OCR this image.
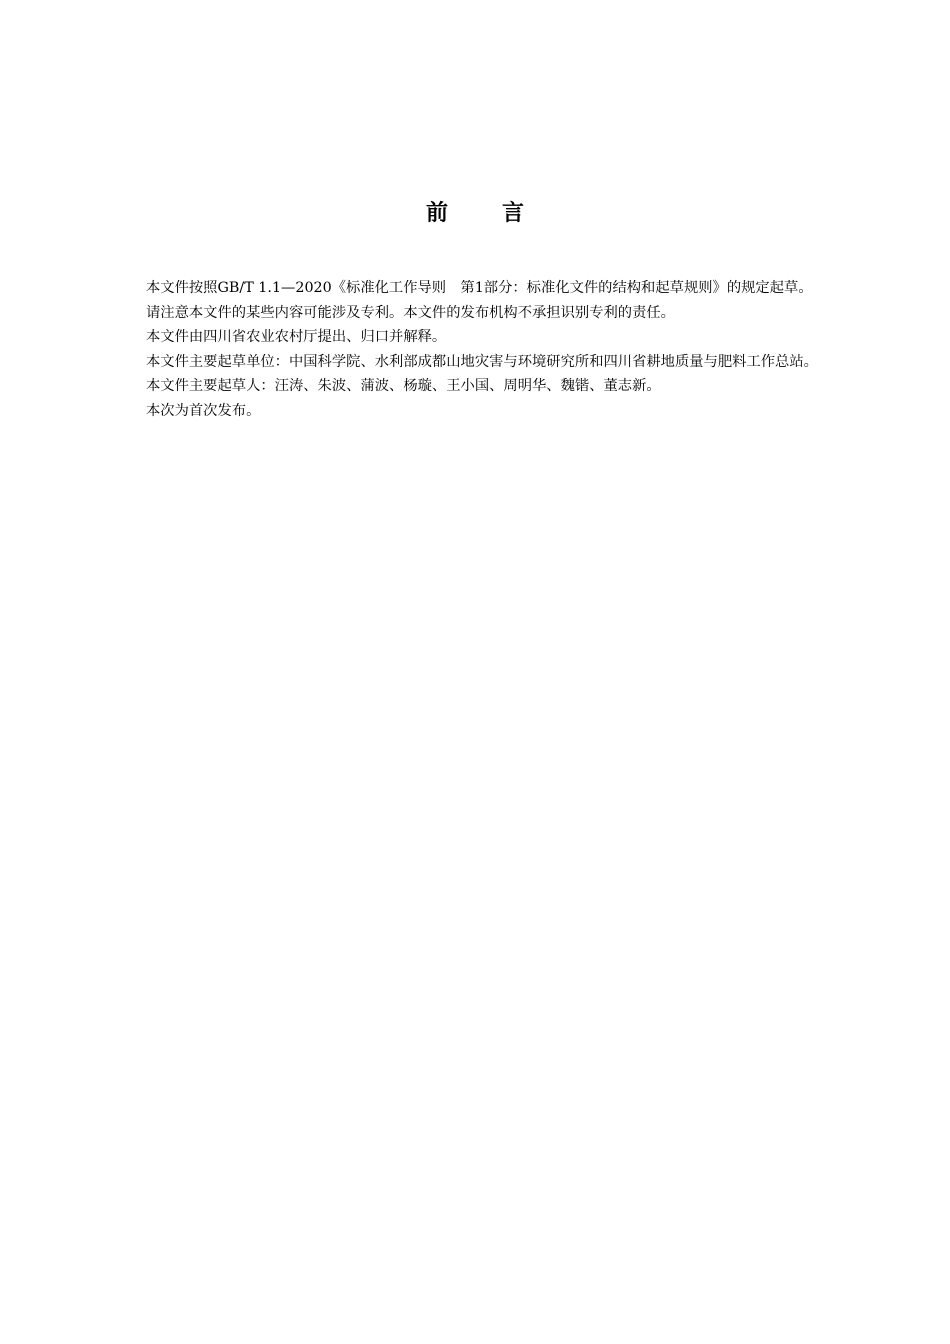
前 言

本文件按照GB/T 1.1—2020《标准化工作导则　第1部分：标准化文件的结构和起草规则》的规定起草。

请注意本文件的某些内容可能涉及专利。本文件的发布机构不承担识别专利的责任。

本文件由四川省农业农村厅提出、归口并解释。

本文件主要起草单位：中国科学院、水利部成都山地灾害与环境研究所和四川省耕地质量与肥料工作总站。

本文件主要起草人：汪涛、朱波、蒲波、杨璇、王小国、周明华、魏锴、董志新。

本次为首次发布。
